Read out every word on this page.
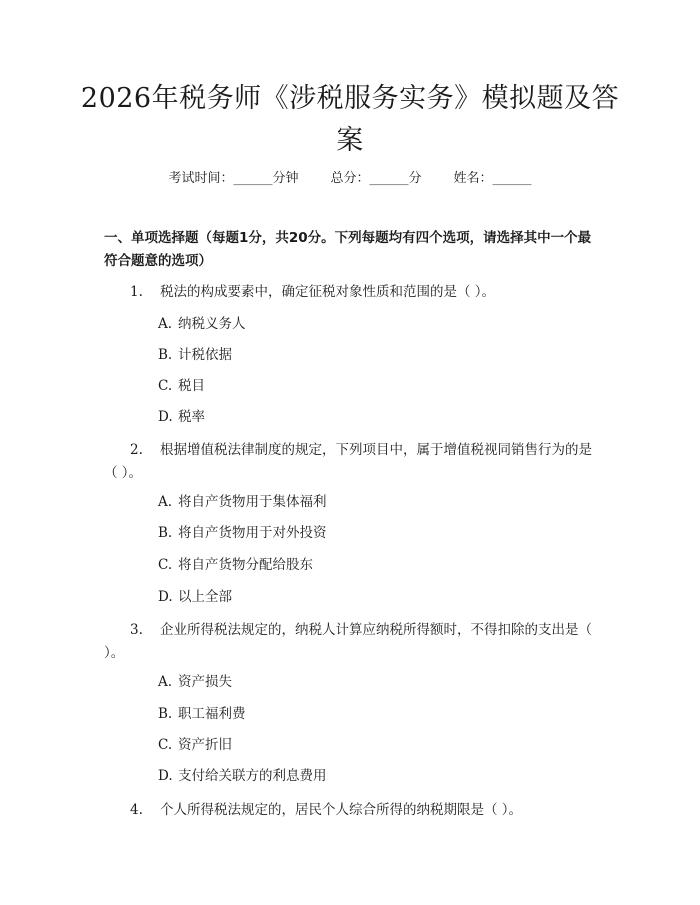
2026年税务师《涉税服务实务》模拟题及答
案
考试时间：______分钟 总分：______分 姓名：______
一、单项选择题（每题1分，共20分。下列每题均有四个选项，请选择其中一个最符合题意的选项）
1. 税法的构成要素中，确定征税对象性质和范围的是（ ）。
A. 纳税义务人
B. 计税依据
C. 税目
D. 税率
2. 根据增值税法律制度的规定，下列项目中，属于增值税视同销售行为的是（ ）。
A. 将自产货物用于集体福利
B. 将自产货物用于对外投资
C. 将自产货物分配给股东
D. 以上全部
3. 企业所得税法规定的，纳税人计算应纳税所得额时，不得扣除的支出是（ ）。
A. 资产损失
B. 职工福利费
C. 资产折旧
D. 支付给关联方的利息费用
4. 个人所得税法规定的，居民个人综合所得的纳税期限是（ ）。
